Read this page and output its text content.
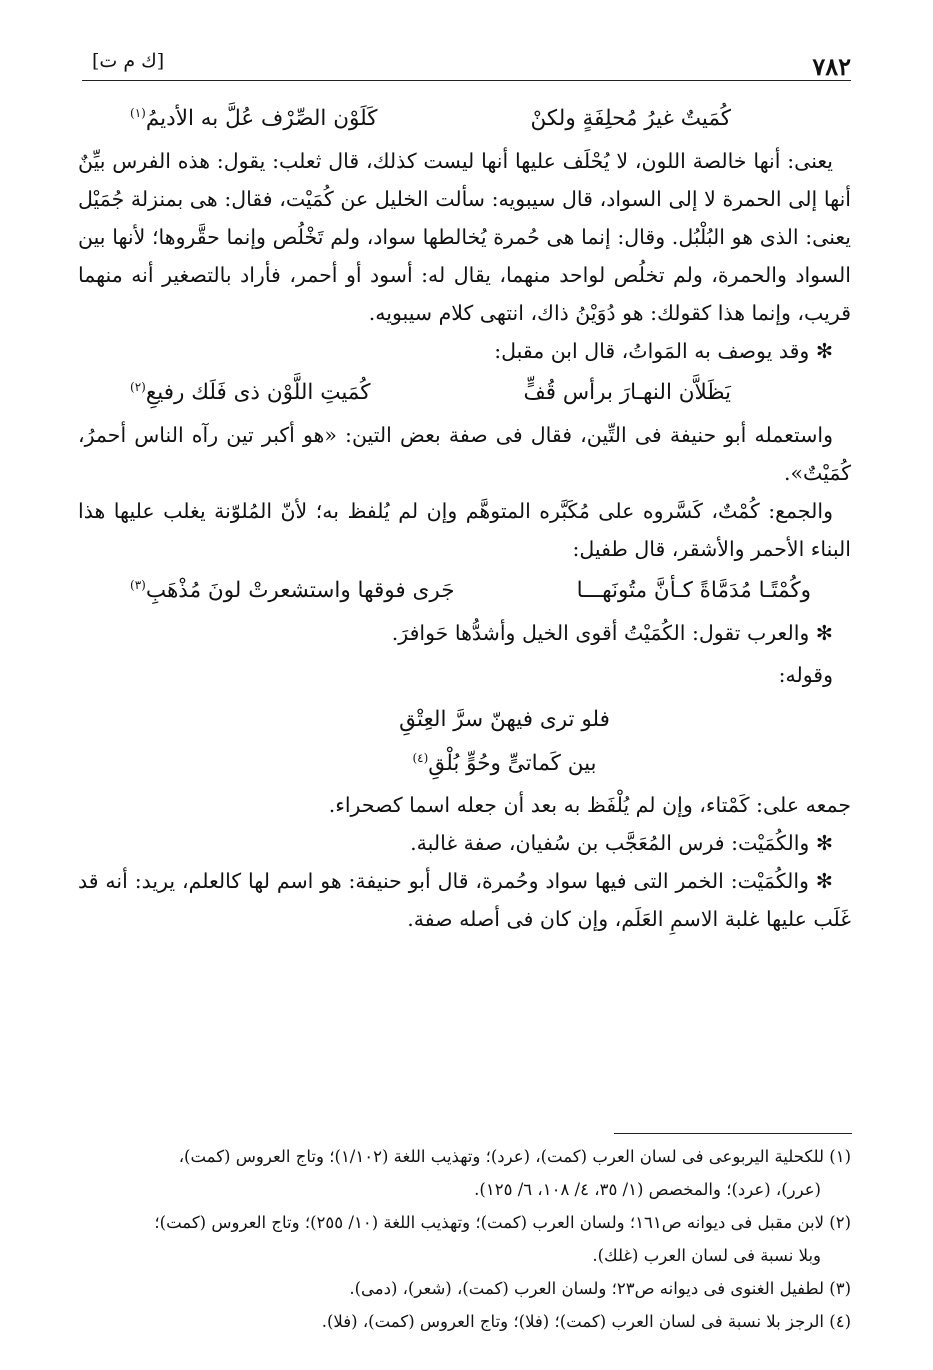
٧٨٢
[ك م ت]
كُمَيتٌ غيرُ مُحلِفَةٍ ولكنْ
كَلَوْن الصِّرْف عُلَّ به الأديمُ$^{(١)}$

يعنى: أنها خالصة اللون، لا يُحْلَف عليها أنها ليست كذلك، قال ثعلب: يقول: هذه الفرس بيِّنٌ أنها إلى الحمرة لا إلى السواد، قال سيبويه: سألت الخليل عن كُمَيْت، فقال: هى بمنزلة جُمَيْل يعنى: الذى هو البُلْبُل. وقال: إنما هى حُمرة يُخالطها سواد، ولم تَخْلُص وإنما حقَّروها؛ لأنها بين السواد والحمرة، ولم تخلُص لواحد منهما، يقال له: أسود أو أحمر، فأراد بالتصغير أنه منهما قريب، وإنما هذا كقولك: هو دُوَيْنُ ذاك، انتهى كلام سيبويه.

✻ وقد يوصف به المَواتُ، قال ابن مقبل:

يَظَلاَّن النهـارَ برأس قُفٍّ
كُمَيتِ اللَّوْن ذى فَلَك رفيعِ$^{(٢)}$

واستعمله أبو حنيفة فى التِّين، فقال فى صفة بعض التين: «هو أكبر تين رآه الناس أحمرُ، كُمَيْتٌ».

والجمع: كُمْتٌ، كَسَّروه على مُكَبَّره المتوهَّم وإن لم يُلفظ به؛ لأنّ المُلوّنة يغلب عليها هذا البناء الأحمر والأشقر، قال طفيل:

وكُمْتًـا مُدَمَّاةً كـأنَّ متُونَهـــا
جَرى فوقها واستشعرتْ لونَ مُذْهَبِ$^{(٣)}$

✻ والعرب تقول: الكُمَيْتُ أقوى الخيل وأشدُّها حَوافرَ.

وقوله:

فلو ترى فيهنّ سرَّ العِتْقِ
بين كَماتىٍّ وحُوٍّ بُلْقِ$^{(٤)}$

جمعه على: كَمْتاء، وإن لم يُلْفَظ به بعد أن جعله اسما كصحراء.

✻ والكُمَيْت: فرس المُعَجَّب بن سُفيان، صفة غالبة.

✻ والكُمَيْت: الخمر التى فيها سواد وحُمرة، قال أبو حنيفة: هو اسم لها كالعلم، يريد: أنه قد غَلَب عليها غلبة الاسمِ العَلَم، وإن كان فى أصله صفة.

(١) للكحلية اليربوعى فى لسان العرب (كمت)، (عرد)؛ وتهذيب اللغة (١/١٠٢)؛ وتاج العروس (كمت)،

(عرر)، (عرد)؛ والمخصص (١/ ٣٥، ٤/ ١٠٨، ٦/ ١٢٥).

(٢) لابن مقبل فى ديوانه ص١٦١؛ ولسان العرب (كمت)؛ وتهذيب اللغة (١٠/ ٢٥٥)؛ وتاج العروس (كمت)؛

وبلا نسبة فى لسان العرب (غلك).

(٣) لطفيل الغنوى فى ديوانه ص٢٣؛ ولسان العرب (كمت)، (شعر)، (دمى).

(٤) الرجز بلا نسبة فى لسان العرب (كمت)؛ (فلا)؛ وتاج العروس (كمت)، (فلا).
